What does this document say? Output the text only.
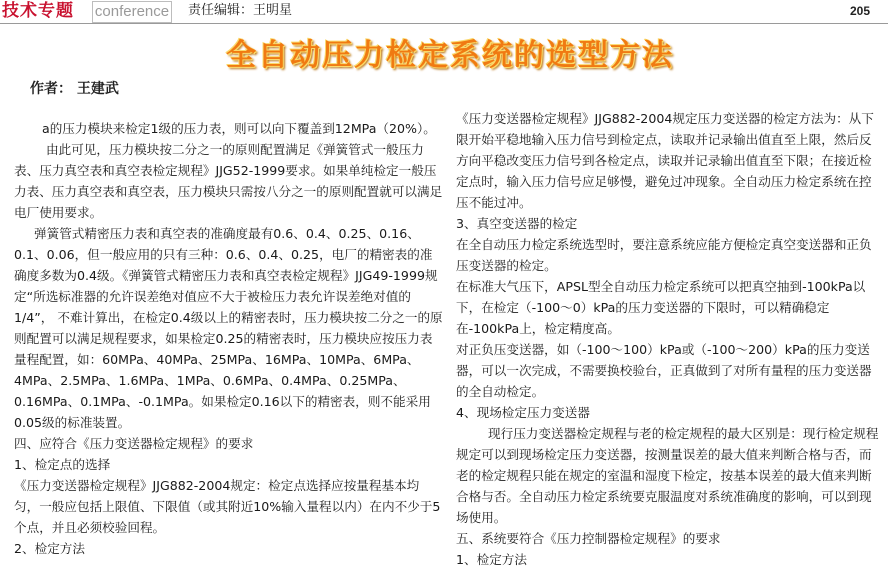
技术专题 conference 责任编辑：王明星	205
全自动压力检定系统的选型方法
作者： 王建武

a的压力模块来检定1级的压力表，则可以向下覆盖到12MPa（20%）。

由此可见，压力模块按二分之一的原则配置满足《弹簧管式一般压力表、压力真空表和真空表检定规程》JJG52-1999要求。如果单纯检定一般压力表、压力真空表和真空表，压力模块只需按八分之一的原则配置就可以满足电厂使用要求。

弹簧管式精密压力表和真空表的准确度最有0.6、0.4、0.25、0.16、0.1、0.06，但一般应用的只有三种：0.6、0.4、0.25，电厂的精密表的准确度多数为0.4级。《弹簧管式精密压力表和真空表检定规程》JJG49-1999规定“所选标准器的允许误差绝对值应不大于被检压力表允许误差绝对值的1/4”， 不难计算出，在检定0.4级以上的精密表时，压力模块按二分之一的原则配置可以满足规程要求，如果检定0.25的精密表时，压力模块应按压力表量程配置，如：60MPa、40MPa、25MPa、16MPa、10MPa、6MPa、4MPa、2.5MPa、1.6MPa、1MPa、0.6MPa、0.4MPa、0.25MPa、0.16MPa、0.1MPa、-0.1MPa。如果检定0.16以下的精密表，则不能采用0.05级的标准装置。

四、应符合《压力变送器检定规程》的要求

1、检定点的选择

《压力变送器检定规程》JJG882-2004规定：检定点选择应按量程基本均匀，一般应包括上限值、下限值（或其附近10%输入量程以内）在内不少于5个点，并且必须校验回程。

2、检定方法

《压力变送器检定规程》JJG882-2004规定压力变送器的检定方法为：从下限开始平稳地输入压力信号到检定点，读取并记录输出值直至上限，然后反方向平稳改变压力信号到各检定点，读取并记录输出值直至下限；在接近检定点时，输入压力信号应足够慢，避免过冲现象。全自动压力检定系统在控压不能过冲。

3、真空变送器的检定

在全自动压力检定系统选型时，要注意系统应能方便检定真空变送器和正负压变送器的检定。

在标准大气压下，APSL型全自动压力检定系统可以把真空抽到-100kPa以下，在检定（-100～0）kPa的压力变送器的下限时，可以精确稳定在-100kPa上，检定精度高。

对正负压变送器，如（-100～100）kPa或（-100～200）kPa的压力变送器，可以一次完成，不需要换校验台，正真做到了对所有量程的压力变送器的全自动检定。

4、现场检定压力变送器

现行压力变送器检定规程与老的检定规程的最大区别是：现行检定规程规定可以到现场检定压力变送器，按测量误差的最大值来判断合格与否，而老的检定规程只能在规定的室温和湿度下检定，按基本误差的最大值来判断合格与否。全自动压力检定系统要克服温度对系统准确度的影响，可以到现场使用。

五、系统要符合《压力控制器检定规程》的要求

1、检定方法
